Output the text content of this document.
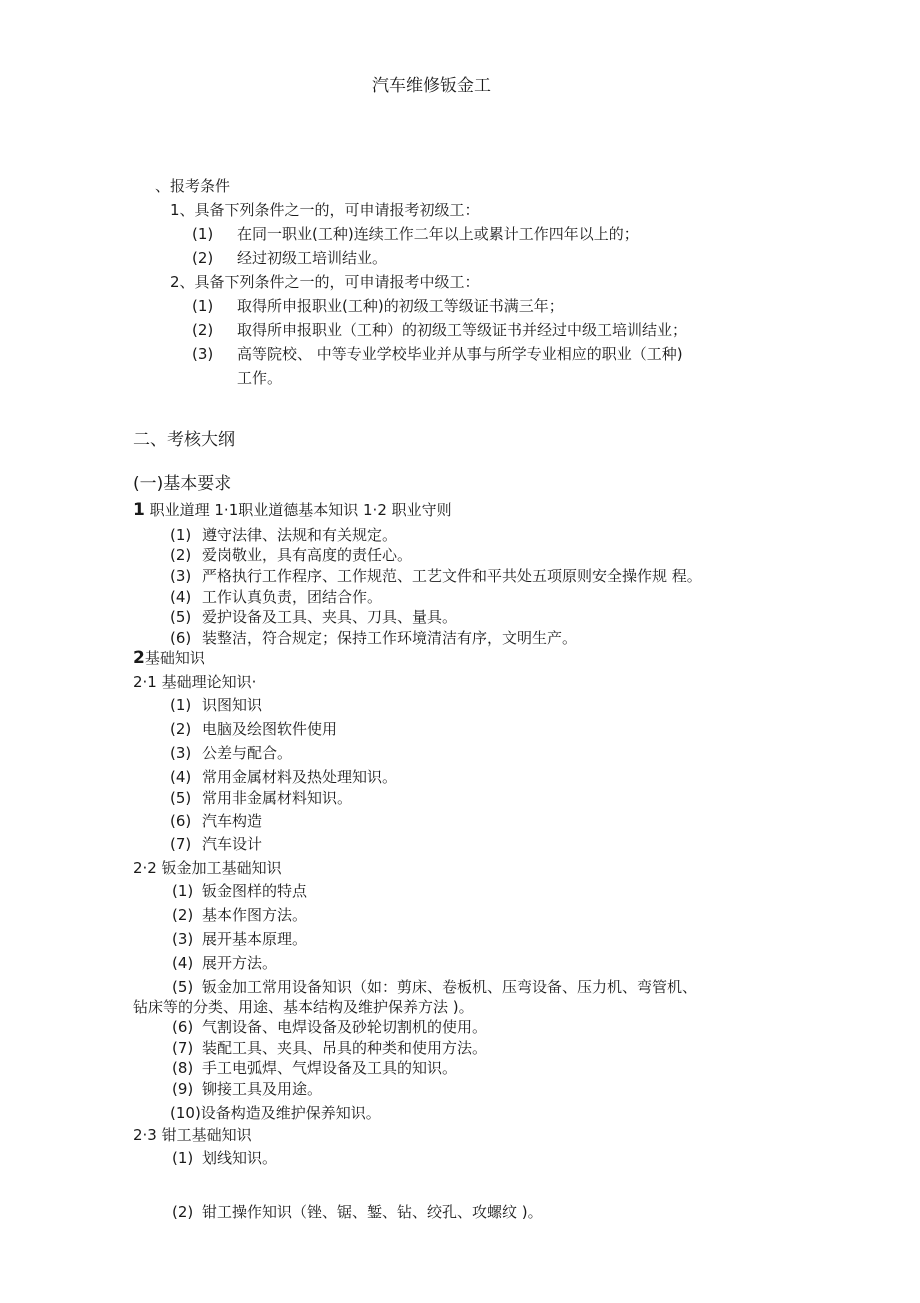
汽车维修钣金工
、报考条件
1、具备下列条件之一的，可申请报考初级工：
(1) 在同一职业(工种)连续工作二年以上或累计工作四年以上的；
(2) 经过初级工培训结业。
2、具备下列条件之一的，可申请报考中级工：
(1) 取得所申报职业(工种)的初级工等级证书满三年；
(2) 取得所申报职业（工种）的初级工等级证书并经过中级工培训结业；
(3) 高等院校、 中等专业学校毕业并从事与所学专业相应的职业（工种)
工作。
二、考核大纲
(一)基本要求
1 职业道理 1·1职业道德基本知识 1·2 职业守则
(1) 遵守法律、法规和有关规定。
(2) 爱岗敬业，具有高度的责任心。
(3) 严格执行工作程序、工作规范、工艺文件和平共处五项原则安全操作规 程。
(4) 工作认真负责，团结合作。
(5) 爱护设备及工具、夹具、刀具、量具。
(6) 装整洁，符合规定；保持工作环境清洁有序，文明生产。
2基础知识
2·1 基础理论知识·
(1) 识图知识
(2) 电脑及绘图软件使用
(3) 公差与配合。
(4) 常用金属材料及热处理知识。
(5) 常用非金属材料知识。
(6) 汽车构造
(7) 汽车设计
2·2 钣金加工基础知识
(1) 钣金图样的特点
(2) 基本作图方法。
(3) 展开基本原理。
(4) 展开方法。
(5) 钣金加工常用设备知识（如：剪床、卷板机、压弯设备、压力机、弯管机、
钻床等的分类、用途、基本结构及维护保养方法 )。
(6) 气割设备、电焊设备及砂轮切割机的使用。
(7) 装配工具、夹具、吊具的种类和使用方法。
(8) 手工电弧焊、气焊设备及工具的知识。
(9) 铆接工具及用途。
(10)设备构造及维护保养知识。
2·3 钳工基础知识
(1) 划线知识。
(2) 钳工操作知识（锉、锯、錾、钻、绞孔、攻螺纹 )。
